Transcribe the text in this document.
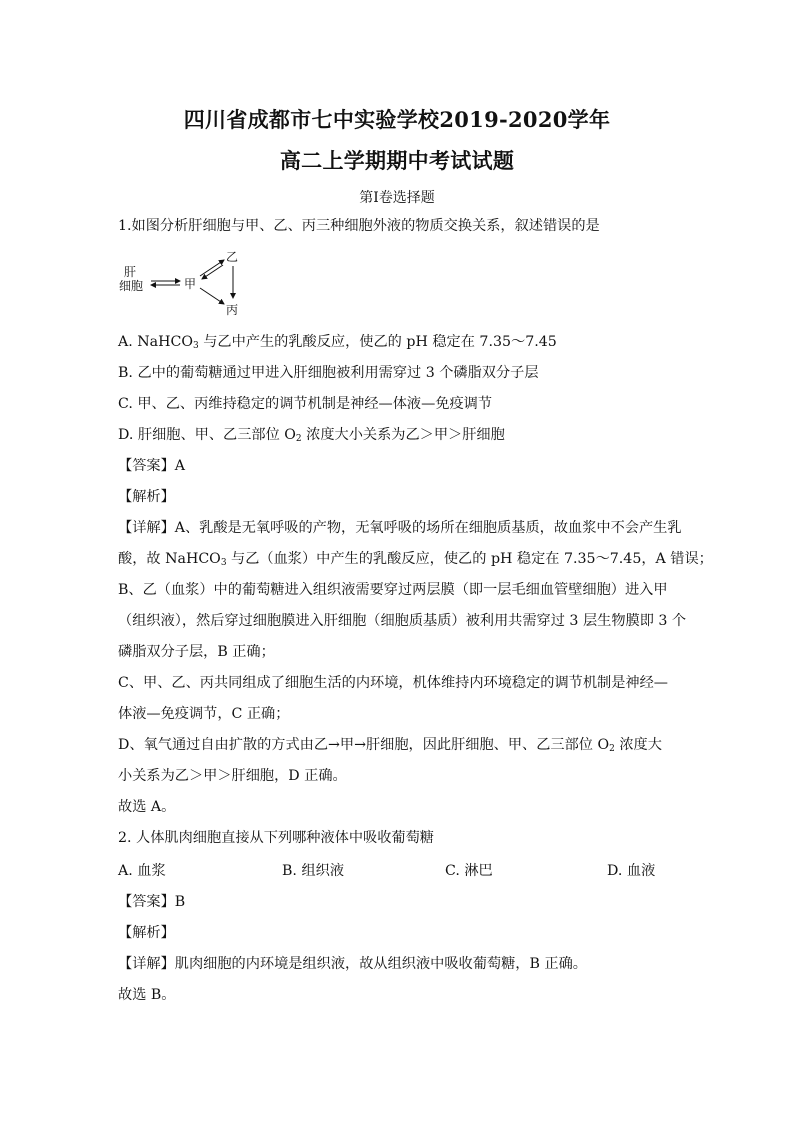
四川省成都市七中实验学校2019-2020学年
高二上学期期中考试试题
第Ⅰ卷选择题
1.如图分析肝细胞与甲、乙、丙三种细胞外液的物质交换关系，叙述错误的是
肝
细胞	甲
乙
丙
A. NaHCO$_3$ 与乙中产生的乳酸反应，使乙的 pH 稳定在 7.35～7.45
B. 乙中的葡萄糖通过甲进入肝细胞被利用需穿过 3 个磷脂双分子层
C. 甲、乙、丙维持稳定的调节机制是神经—体液—免疫调节
D. 肝细胞、甲、乙三部位 $O_2$ 浓度大小关系为乙＞甲＞肝细胞
【答案】A
【解析】
【详解】A、乳酸是无氧呼吸的产物，无氧呼吸的场所在细胞质基质，故血浆中不会产生乳
酸，故 NaHCO$_3$ 与乙（血浆）中产生的乳酸反应，使乙的 pH 稳定在 7.35～7.45，A 错误；
B、乙（血浆）中的葡萄糖进入组织液需要穿过两层膜（即一层毛细血管壁细胞）进入甲
（组织液），然后穿过细胞膜进入肝细胞（细胞质基质）被利用共需穿过 3 层生物膜即 3 个
磷脂双分子层，B 正确；
C、甲、乙、丙共同组成了细胞生活的内环境，机体维持内环境稳定的调节机制是神经—
体液—免疫调节，C 正确；
D、氧气通过自由扩散的方式由乙→甲→肝细胞，因此肝细胞、甲、乙三部位 $O_2$ 浓度大
小关系为乙＞甲＞肝细胞，D 正确。
故选 A。
2. 人体肌肉细胞直接从下列哪种液体中吸收葡萄糖
A. 血浆	B. 组织液	C. 淋巴	D. 血液
【答案】B
【解析】
【详解】肌肉细胞的内环境是组织液，故从组织液中吸收葡萄糖，B 正确。
故选 B。
